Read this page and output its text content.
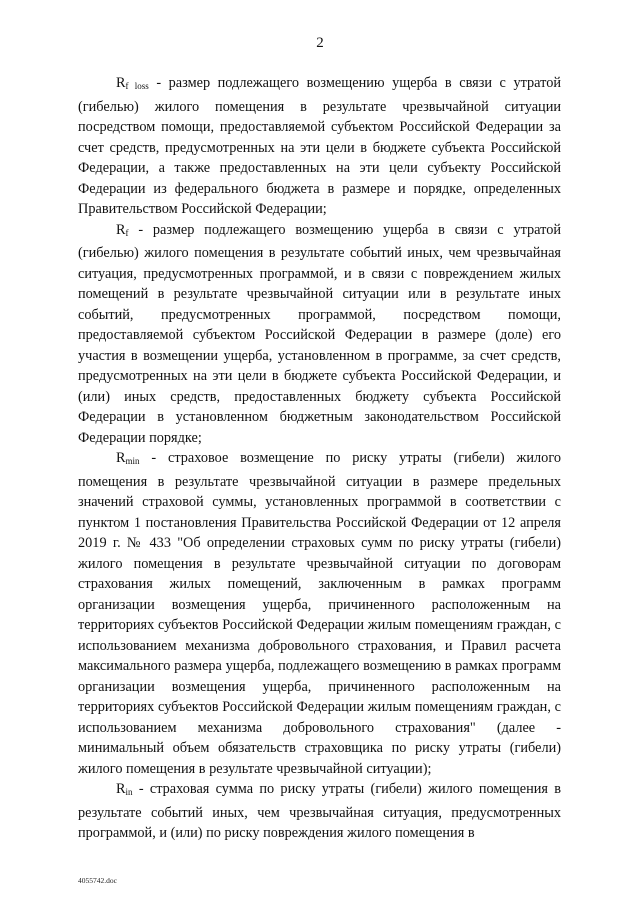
2

$R_{f loss}$ - размер подлежащего возмещению ущерба в связи с утратой (гибелью) жилого помещения в результате чрезвычайной ситуации посредством помощи, предоставляемой субъектом Российской Федерации за счет средств, предусмотренных на эти цели в бюджете субъекта Российской Федерации, а также предоставленных на эти цели субъекту Российской Федерации из федерального бюджета в размере и порядке, определенных Правительством Российской Федерации;

$R_f$ - размер подлежащего возмещению ущерба в связи с утратой (гибелью) жилого помещения в результате событий иных, чем чрезвычайная ситуация, предусмотренных программой, и в связи с повреждением жилых помещений в результате чрезвычайной ситуации или в результате иных событий, предусмотренных программой, посредством помощи, предоставляемой субъектом Российской Федерации в размере (доле) его участия в возмещении ущерба, установленном в программе, за счет средств, предусмотренных на эти цели в бюджете субъекта Российской Федерации, и (или) иных средств, предоставленных бюджету субъекта Российской Федерации в установленном бюджетным законодательством Российской Федерации порядке;

$R_{min}$ - страховое возмещение по риску утраты (гибели) жилого помещения в результате чрезвычайной ситуации в размере предельных значений страховой суммы, установленных программой в соответствии с пунктом 1 постановления Правительства Российской Федерации от 12 апреля 2019 г. № 433 "Об определении страховых сумм по риску утраты (гибели) жилого помещения в результате чрезвычайной ситуации по договорам страхования жилых помещений, заключенным в рамках программ организации возмещения ущерба, причиненного расположенным на территориях субъектов Российской Федерации жилым помещениям граждан, с использованием механизма добровольного страхования, и Правил расчета максимального размера ущерба, подлежащего возмещению в рамках программ организации возмещения ущерба, причиненного расположенным на территориях субъектов Российской Федерации жилым помещениям граждан, с использованием механизма добровольного страхования" (далее - минимальный объем обязательств страховщика по риску утраты (гибели) жилого помещения в результате чрезвычайной ситуации);

$R_{in}$ - страховая сумма по риску утраты (гибели) жилого помещения в результате событий иных, чем чрезвычайная ситуация, предусмотренных программой, и (или) по риску повреждения жилого помещения в

4055742.doc
